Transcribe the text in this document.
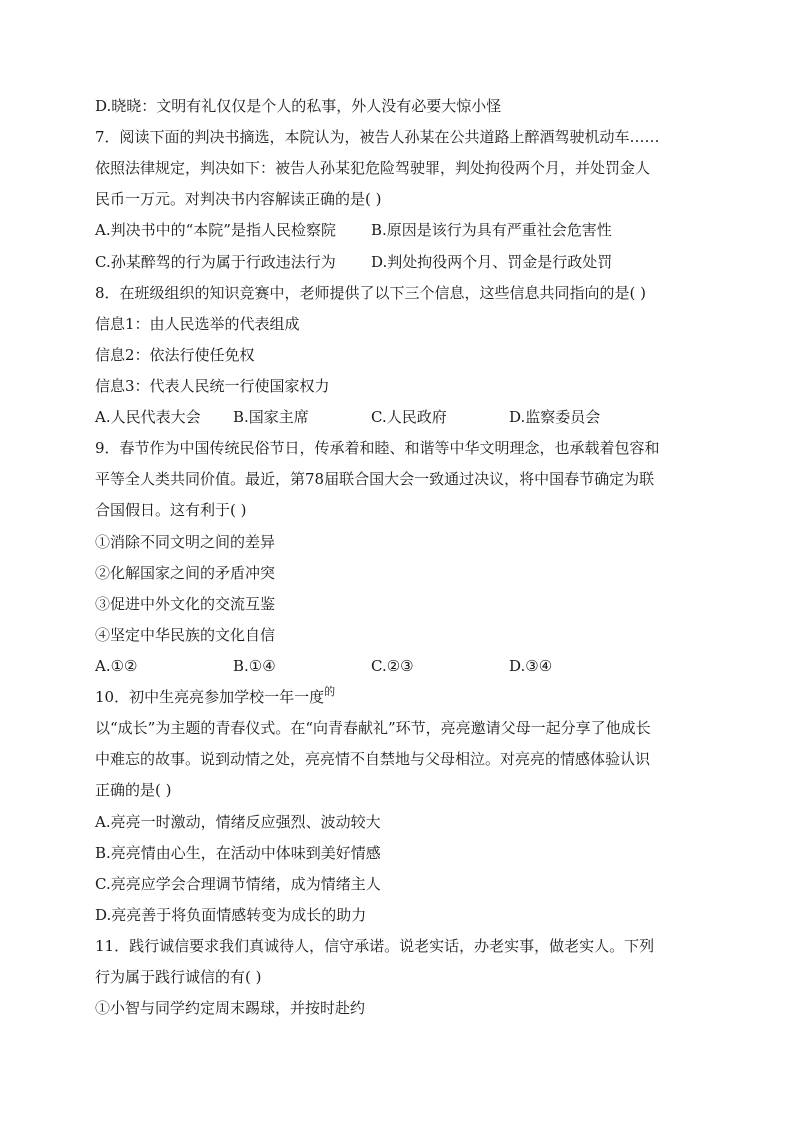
D.晓晓：文明有礼仅仅是个人的私事，外人没有必要大惊小怪
7．阅读下面的判决书摘选，本院认为，被告人孙某在公共道路上醉酒驾驶机动车……
依照法律规定，判决如下：被告人孙某犯危险驾驶罪，判处拘役两个月，并处罚金人
民币一万元。对判决书内容解读正确的是( )
A.判决书中的“本院”是指人民检察院 B.原因是该行为具有严重社会危害性
C.孙某醉驾的行为属于行政违法行为 D.判处拘役两个月、罚金是行政处罚
8．在班级组织的知识竞赛中，老师提供了以下三个信息，这些信息共同指向的是( )
信息1：由人民选举的代表组成
信息2：依法行使任免权
信息3：代表人民统一行使国家权力
A.人民代表大会 B.国家主席	C.人民政府	D.监察委员会
9．春节作为中国传统民俗节日，传承着和睦、和谐等中华文明理念，也承载着包容和
平等全人类共同价值。最近，第78届联合国大会一致通过决议，将中国春节确定为联
合国假日。这有利于( )
①消除不同文明之间的差异
②化解国家之间的矛盾冲突
③促进中外文化的交流互鉴
④坚定中华民族的文化自信
A.①②	B.①④	C.②③	D.③④
10．初中生亮亮参加学校一年一度$^的$
以“成长”为主题的青春仪式。在“向青春献礼”环节，亮亮邀请父母一起分享了他成长
中难忘的故事。说到动情之处，亮亮情不自禁地与父母相泣。对亮亮的情感体验认识
正确的是( )
A.亮亮一时激动，情绪反应强烈、波动较大
B.亮亮情由心生，在活动中体味到美好情感
C.亮亮应学会合理调节情绪，成为情绪主人
D.亮亮善于将负面情感转变为成长的助力
11．践行诚信要求我们真诚待人，信守承诺。说老实话，办老实事，做老实人。下列
行为属于践行诚信的有( )
①小智与同学约定周末踢球，并按时赴约
